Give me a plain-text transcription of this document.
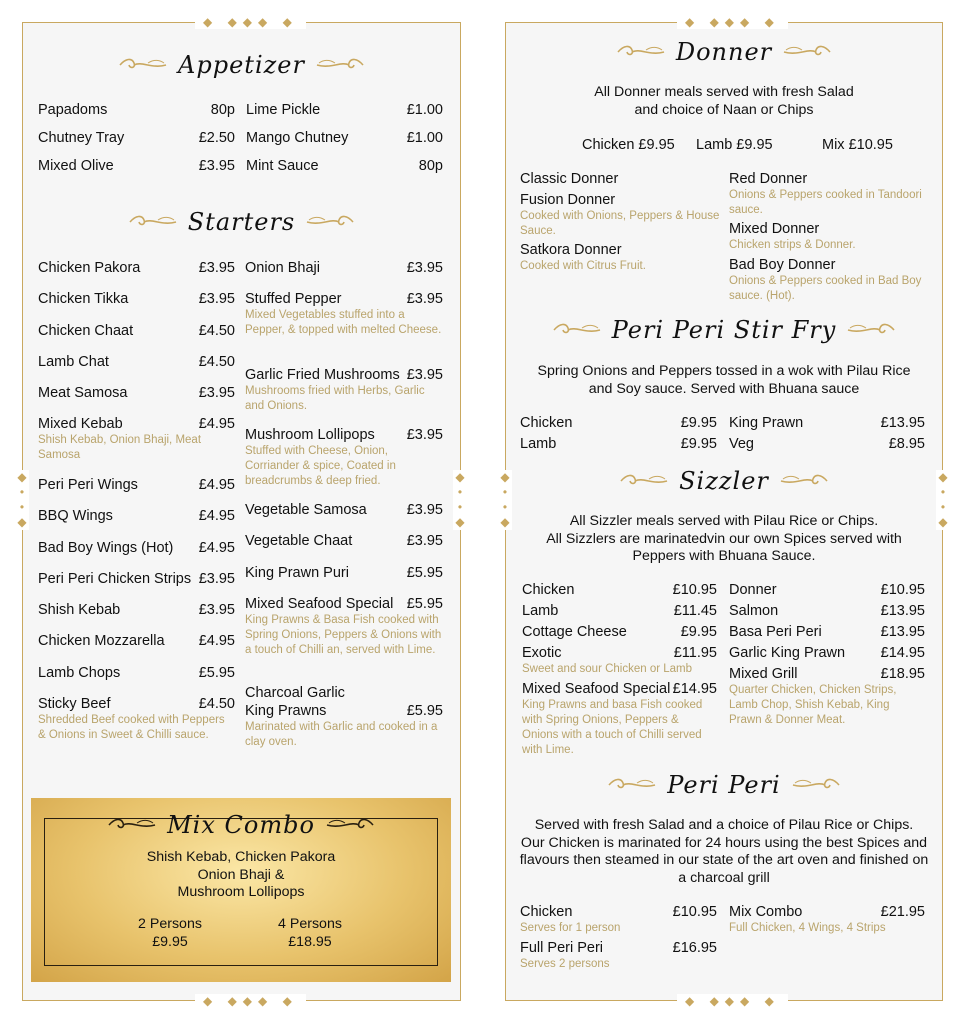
◆ ◆◆◆ ◆
◆ ◆◆◆ ◆
◆ ◆◆◆ ◆
◆ ◆◆◆ ◆
◆
•
•
◆
◆
•
•
◆
◆
•
•
◆
◆
•
•
◆
Appetizer
Starters
Donner
Peri Peri Stir Fry
Sizzler
Peri Peri
All Donner meals served with fresh Salad
and choice of Naan or Chips
Chicken £9.95 Lamb £9.95	Mix £10.95
Spring Onions and Peppers tossed in a wok with Pilau Rice
and Soy sauce. Served with Bhuana sauce
All Sizzler meals served with Pilau Rice or Chips.
All Sizzlers are marinatedvin our own Spices served with
Peppers with Bhuana Sauce.
Served with fresh Salad and a choice of Pilau Rice or Chips.
Our Chicken is marinated for 24 hours using the best Spices and
flavours then steamed in our state of the art oven and finished on
a charcoal grill
Mix Combo
Shish Kebab, Chicken Pakora
Onion Bhaji &
Mushroom Lollipops
2 Persons
£9.95
4 Persons
£18.95
Papadoms	80p
Chutney Tray	£2.50
Mixed Olive	£3.95
Lime Pickle	£1.00
Mango Chutney	£1.00
Mint Sauce	80p
Chicken Pakora	£3.95
Chicken Tikka	£3.95
Chicken Chaat	£4.50
Lamb Chat	£4.50
Meat Samosa	£3.95
Mixed Kebab	£4.95
Shish Kebab, Onion Bhaji, Meat Samosa
Peri Peri Wings	£4.95
BBQ Wings	£4.95
Bad Boy Wings (Hot) £4.95
Peri Peri Chicken Strips £3.95
Shish Kebab	£3.95
Chicken Mozzarella £4.95
Lamb Chops	£5.95
Sticky Beef	£4.50
Shredded Beef cooked with Peppers & Onions in Sweet & Chilli sauce.
Onion Bhaji	£3.95
Stuffed Pepper	£3.95
Mixed Vegetables stuffed into a Pepper, & topped with melted Cheese.
Garlic Fried Mushrooms £3.95
Mushrooms fried with Herbs, Garlic and Onions.
Mushroom Lollipops £3.95
Stuffed with Cheese, Onion, Corriander & spice, Coated in breadcrumbs & deep fried.
Vegetable Samosa	£3.95
Vegetable Chaat	£3.95
King Prawn Puri	£5.95
Mixed Seafood Special £5.95
King Prawns & Basa Fish cooked with Spring Onions, Peppers & Onions with a touch of Chilli an, served with Lime.
Charcoal Garlic
King Prawns	£5.95
Marinated with Garlic and cooked in a clay oven.
Classic Donner
Fusion Donner
Cooked with Onions, Peppers & House Sauce.
Satkora Donner
Cooked with Citrus Fruit.
Red Donner
Onions & Peppers cooked in Tandoori sauce.
Mixed Donner
Chicken strips & Donner.
Bad Boy Donner
Onions & Peppers cooked in Bad Boy sauce. (Hot).
Chicken	£9.95
Lamb	£9.95
King Prawn	£13.95
Veg	£8.95
Chicken	£10.95
Lamb	£11.45
Cottage Cheese	£9.95
Exotic	£11.95
Sweet and sour Chicken or Lamb
Mixed Seafood Special £14.95
King Prawns and basa Fish cooked with Spring Onions, Peppers & Onions with a touch of Chilli served with Lime.
Donner	£10.95
Salmon	£13.95
Basa Peri Peri	£13.95
Garlic King Prawn £14.95
Mixed Grill	£18.95
Quarter Chicken, Chicken Strips, Lamb Chop, Shish Kebab, King Prawn & Donner Meat.
Chicken	£10.95
Serves for 1 person
Full Peri Peri	£16.95
Serves 2 persons
Mix Combo	£21.95
Full Chicken, 4 Wings, 4 Strips
